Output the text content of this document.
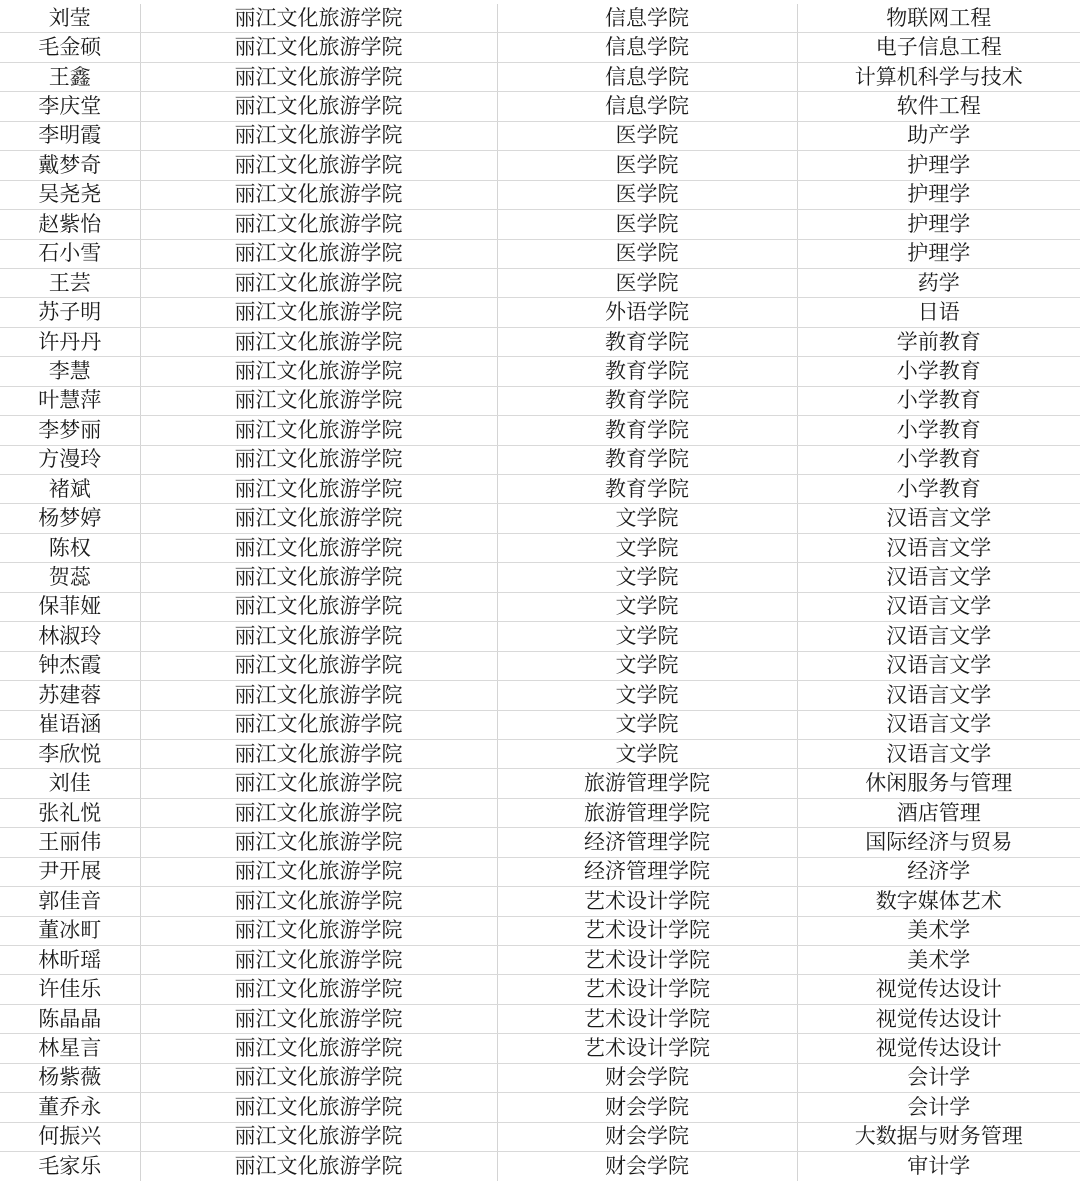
刘莹	丽江文化旅游学院	信息学院	物联网工程
毛金硕	丽江文化旅游学院	信息学院	电子信息工程
王鑫	丽江文化旅游学院	信息学院	计算机科学与技术
李庆堂	丽江文化旅游学院	信息学院	软件工程
李明霞	丽江文化旅游学院	医学院	助产学
戴梦奇	丽江文化旅游学院	医学院	护理学
吴尧尧	丽江文化旅游学院	医学院	护理学
赵紫怡	丽江文化旅游学院	医学院	护理学
石小雪	丽江文化旅游学院	医学院	护理学
王芸	丽江文化旅游学院	医学院	药学
苏子明	丽江文化旅游学院	外语学院	日语
许丹丹	丽江文化旅游学院	教育学院	学前教育
李慧	丽江文化旅游学院	教育学院	小学教育
叶慧萍	丽江文化旅游学院	教育学院	小学教育
李梦丽	丽江文化旅游学院	教育学院	小学教育
方漫玲	丽江文化旅游学院	教育学院	小学教育
褚斌	丽江文化旅游学院	教育学院	小学教育
杨梦婷	丽江文化旅游学院	文学院	汉语言文学
陈权	丽江文化旅游学院	文学院	汉语言文学
贺蕊	丽江文化旅游学院	文学院	汉语言文学
保菲娅	丽江文化旅游学院	文学院	汉语言文学
林淑玲	丽江文化旅游学院	文学院	汉语言文学
钟杰霞	丽江文化旅游学院	文学院	汉语言文学
苏建蓉	丽江文化旅游学院	文学院	汉语言文学
崔语涵	丽江文化旅游学院	文学院	汉语言文学
李欣悦	丽江文化旅游学院	文学院	汉语言文学
刘佳	丽江文化旅游学院	旅游管理学院	休闲服务与管理
张礼悦	丽江文化旅游学院	旅游管理学院	酒店管理
王丽伟	丽江文化旅游学院	经济管理学院	国际经济与贸易
尹开展	丽江文化旅游学院	经济管理学院	经济学
郭佳音	丽江文化旅游学院	艺术设计学院	数字媒体艺术
董冰町	丽江文化旅游学院	艺术设计学院	美术学
林昕瑶	丽江文化旅游学院	艺术设计学院	美术学
许佳乐	丽江文化旅游学院	艺术设计学院	视觉传达设计
陈晶晶	丽江文化旅游学院	艺术设计学院	视觉传达设计
林星言	丽江文化旅游学院	艺术设计学院	视觉传达设计
杨紫薇	丽江文化旅游学院	财会学院	会计学
董乔永	丽江文化旅游学院	财会学院	会计学
何振兴	丽江文化旅游学院	财会学院	大数据与财务管理
毛家乐	丽江文化旅游学院	财会学院	审计学
